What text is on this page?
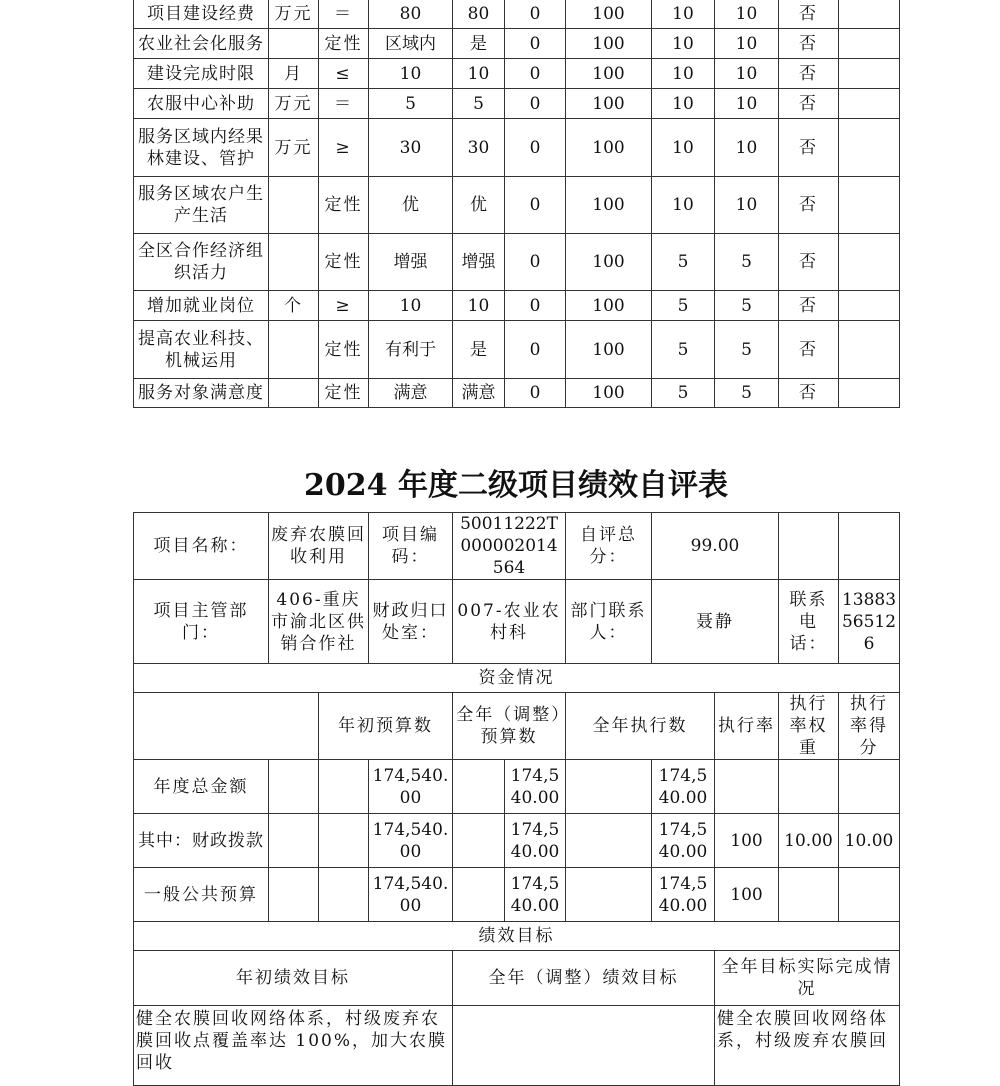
项目建设经费	万元	＝	80	80	0	100	10	10	否	
农业社会化服务		定性	区域内	是	0	100	10	10	否	
建设完成时限	月	≤	10	10	0	100	10	10	否	
农服中心补助	万元	＝	5	5	0	100	10	10	否	
服务区域内经果林建设、管护	万元	≥	30	30	0	100	10	10	否	
服务区域农户生产生活		定性	优	优	0	100	10	10	否	
全区合作经济组织活力		定性	增强	增强	0	100	5	5	否	
增加就业岗位	个	≥	10	10	0	100	5	5	否	
提高农业科技、机械运用		定性	有利于	是	0	100	5	5	否	
服务对象满意度		定性	满意	满意	0	100	5	5	否	
2024 年度二级项目绩效自评表
项目名称：	废弃农膜回收利用		项目编码：	50011222T000002014564		自评总分：	99.00			
项目主管部门：	406-重庆市渝北区供销合作社		财政归口处室：	007-农业农村科		部门联系人：	聂静		联系电话：	13883565126
资金情况										
		年初预算数		全年（调整）预算数		全年执行数		执行率	执行率权重	执行率得分
年度总金额			174,540.00		174,540.00		174,540.00			
其中：财政拨款			174,540.00		174,540.00		174,540.00	100	10.00	10.00
一般公共预算			174,540.00		174,540.00		174,540.00	100		
绩效目标										
年初绩效目标				全年（调整）绩效目标				全年目标实际完成情况		
健全农膜回收网络体系，村级废弃农膜回收点覆盖率达 100%，加大农膜回收								健全农膜回收网络体系，村级废弃农膜回		
